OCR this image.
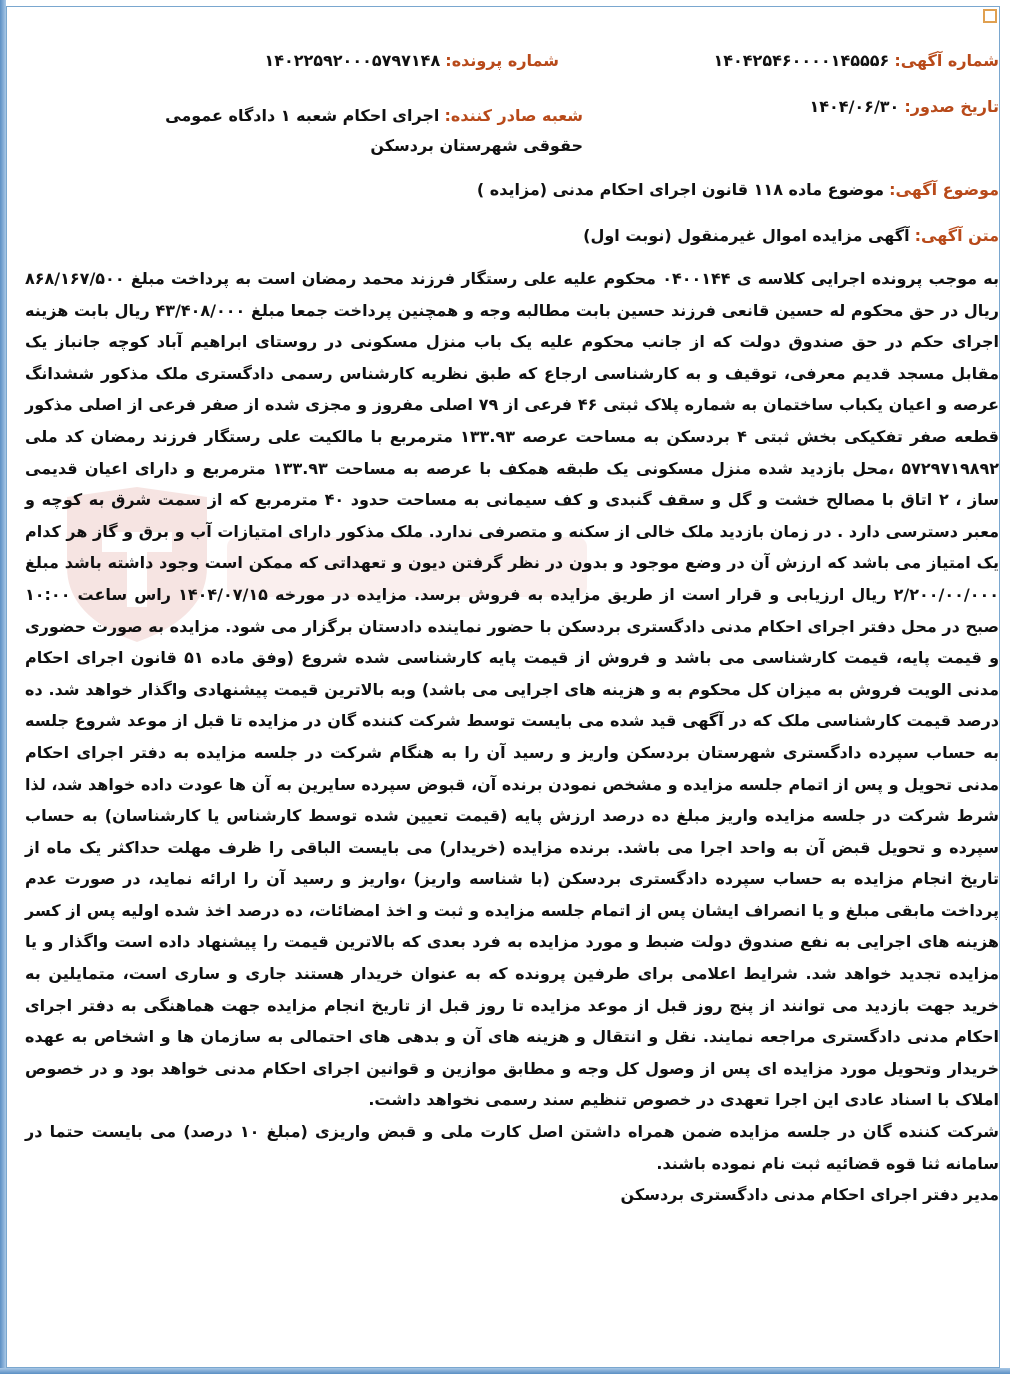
شماره آگهی: ۱۴۰۴۲۵۴۶۰۰۰۰۱۴۵۵۵۶
شماره پرونده: ۱۴۰۲۲۵۹۲۰۰۰۵۷۹۷۱۴۸
تاریخ صدور: ۱۴۰۴/۰۶/۳۰
شعبه صادر کننده: اجرای احکام شعبه ۱ دادگاه عمومی حقوقی شهرستان بردسکن
موضوع آگهی: موضوع ماده ۱۱۸ قانون اجرای احکام مدنی (مزایده )
متن آگهی: آگهی مزایده اموال غیرمنقول (نوبت اول)

به موجب پرونده اجرایی کلاسه ی ۰۴۰۰۱۴۴ محکوم علیه علی رستگار فرزند محمد رمضان است به پرداخت مبلغ ۸۶۸/۱۶۷/۵۰۰ ریال در حق محکوم له حسین قانعی فرزند حسین بابت مطالبه وجه و همچنین پرداخت جمعا مبلغ ۴۳/۴۰۸/۰۰۰ ریال بابت هزینه اجرای حکم در حق صندوق دولت که از جانب محکوم علیه یک باب منزل مسکونی در روستای ابراهیم آباد کوچه جانباز یک مقابل مسجد قدیم معرفی، توقیف و به کارشناسی ارجاع که طبق نظریه کارشناس رسمی دادگستری ملک مذکور ششدانگ عرصه و اعیان یکباب ساختمان به شماره پلاک ثبتی ۴۶ فرعی از ۷۹ اصلی مفروز و مجزی شده از صفر فرعی از اصلی مذکور قطعه صفر تفکیکی بخش ثبتی ۴ بردسکن به مساحت عرصه ۱۳۳.۹۳ مترمربع با مالکیت علی رستگار فرزند رمضان کد ملی ۵۷۲۹۷۱۹۸۹۲ ،محل بازدید شده منزل مسکونی یک طبقه همکف با عرصه به مساحت ۱۳۳.۹۳ مترمربع و دارای اعیان قدیمی ساز ، ۲ اتاق با مصالح خشت و گل و سقف گنبدی و کف سیمانی به مساحت حدود ۴۰ مترمربع که از سمت شرق به کوچه و معبر دسترسی دارد . در زمان بازدید ملک خالی از سکنه و متصرفی ندارد. ملک مذکور دارای امتیازات آب و برق و گاز هر کدام یک امتیاز می باشد که ارزش آن در وضع موجود و بدون در نظر گرفتن دیون و تعهداتی که ممکن است وجود داشته باشد مبلغ ۲/۲۰۰/۰۰/۰۰۰ ریال ارزیابی و قرار است از طریق مزایده به فروش برسد. مزایده در مورخه ۱۴۰۴/۰۷/۱۵ راس ساعت ۱۰:۰۰ صبح در محل دفتر اجرای احکام مدنی دادگستری بردسکن با حضور نماینده دادستان برگزار می شود. مزایده به صورت حضوری و قیمت پایه، قیمت کارشناسی می باشد و فروش از قیمت پایه کارشناسی شده شروع (وفق ماده ۵۱ قانون اجرای احکام مدنی الویت فروش به میزان کل محکوم به و هزینه های اجرایی می باشد) وبه بالاترین قیمت پیشنهادی واگذار خواهد شد. ده درصد قیمت کارشناسی ملک که در آگهی قید شده می بایست توسط شرکت کننده گان در مزایده تا قبل از موعد شروع جلسه به حساب سپرده دادگستری شهرستان بردسکن واریز و رسید آن را به هنگام شرکت در جلسه مزایده به دفتر اجرای احکام مدنی تحویل و پس از اتمام جلسه مزایده و مشخص نمودن برنده آن، قبوض سپرده سایرین به آن ها عودت داده خواهد شد، لذا شرط شرکت در جلسه مزایده واریز مبلغ ده درصد ارزش پایه (قیمت تعیین شده توسط کارشناس یا کارشناسان) به حساب سپرده و تحویل قبض آن به واحد اجرا می باشد. برنده مزایده (خریدار) می بایست الباقی را ظرف مهلت حداکثر یک ماه از تاریخ انجام مزایده به حساب سپرده دادگستری بردسکن (با شناسه واریز) ،واریز و رسید آن را ارائه نماید، در صورت عدم پرداخت مابقی مبلغ و یا انصراف ایشان پس از اتمام جلسه مزایده و ثبت و اخذ امضائات، ده درصد اخذ شده اولیه پس از کسر هزینه های اجرایی به نفع صندوق دولت ضبط و مورد مزایده به فرد بعدی که بالاترین قیمت را پیشنهاد داده است واگذار و یا مزایده تجدید خواهد شد. شرایط اعلامی برای طرفین پرونده که به عنوان خریدار هستند جاری و ساری است، متمایلین به خرید جهت بازدید می توانند از پنج روز قبل از موعد مزایده تا روز قبل از تاریخ انجام مزایده جهت هماهنگی به دفتر اجرای احکام مدنی دادگستری مراجعه نمایند. نقل و انتقال و هزینه های آن و بدهی های احتمالی به سازمان ها و اشخاص به عهده خریدار وتحویل مورد مزایده ای پس از وصول کل وجه و مطابق موازین و قوانین اجرای احکام مدنی خواهد بود و در خصوص املاک با اسناد عادی این اجرا تعهدی در خصوص تنظیم سند رسمی نخواهد داشت.

شرکت کننده گان در جلسه مزایده ضمن همراه داشتن اصل کارت ملی و قبض واریزی (مبلغ ۱۰ درصد) می بایست حتما در سامانه ثنا قوه قضائیه ثبت نام نموده باشند.

مدیر دفتر اجرای احکام مدنی دادگستری بردسکن
